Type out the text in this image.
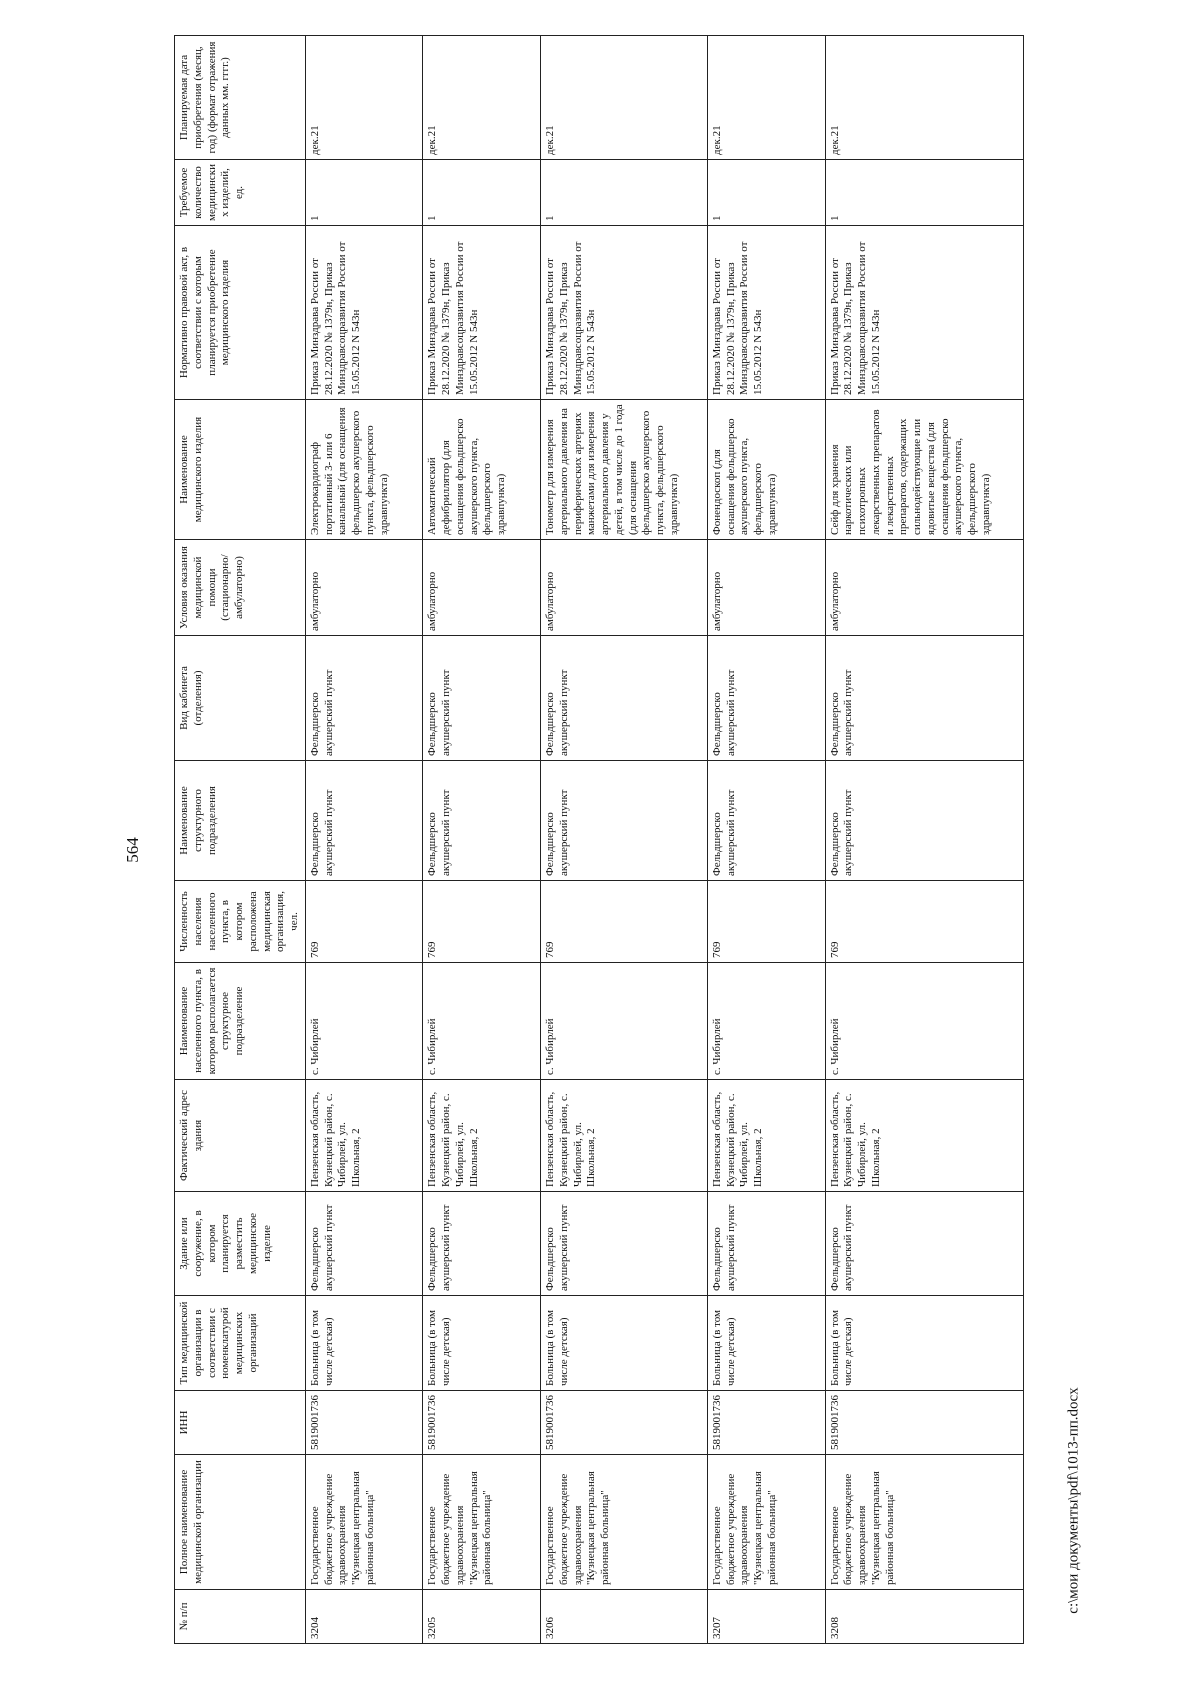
564
№ п/п	Полное наименование медицинской организации	ИНН	Тип медицинской организации в соответствии с номенклатурой медицинских организаций	Здание или сооружение, в котором планируется разместить медицинское изделие	Фактический адрес здания	Наименование населенного пункта, в котором располагается структурное подразделение	Численность населения населенного пункта, в котором расположена медицинская организация, чел.	Наименование структурного подразделения	Вид кабинета (отделения)	Условия оказания медицинской помощи (стационарно/амбулаторно)	Наименование медицинского изделия	Нормативно правовой акт, в соответствии с которым планируется приобретение медицинского изделия	Требуемое количество медицинских изделий, ед.	Планируемая дата приобретения (месяц, год) (формат отражения данных мм. гггг.)
3204	Государственное бюджетное учреждение здравоохранения "Кузнецкая центральная районная больница"	5819001736	Больница (в том числе детская)	Фельдшерско акушерский пункт	Пензенская область, Кузнецкий район, с. Чибирлей, ул. Школьная, 2	с. Чибирлей	769	Фельдшерско акушерский пункт	Фельдшерско акушерский пункт	амбулаторно	Электрокардиограф портативный 3- или 6 канальный (для оснащения фельдшерско акушерского пункта, фельдшерского здравпункта)	Приказ Минздрава России от 28.12.2020 № 1379н, Приказ Минздравсоцразвития России от 15.05.2012 N 543н	1	дек.21
3205	Государственное бюджетное учреждение здравоохранения "Кузнецкая центральная районная больница"	5819001736	Больница (в том числе детская)	Фельдшерско акушерский пункт	Пензенская область, Кузнецкий район, с. Чибирлей, ул. Школьная, 2	с. Чибирлей	769	Фельдшерско акушерский пункт	Фельдшерско акушерский пункт	амбулаторно	Автоматический дефибриллятор (для оснащения фельдшерско акушерского пункта, фельдшерского здравпункта)	Приказ Минздрава России от 28.12.2020 № 1379н, Приказ Минздравсоцразвития России от 15.05.2012 N 543н	1	дек.21
3206	Государственное бюджетное учреждение здравоохранения "Кузнецкая центральная районная больница"	5819001736	Больница (в том числе детская)	Фельдшерско акушерский пункт	Пензенская область, Кузнецкий район, с. Чибирлей, ул. Школьная, 2	с. Чибирлей	769	Фельдшерско акушерский пункт	Фельдшерско акушерский пункт	амбулаторно	Тонометр для измерения артериального давления на периферических артериях манжетами для измерения артериального давления у детей, в том числе до 1 года (для оснащения фельдшерско акушерского пункта, фельдшерского здравпункта)	Приказ Минздрава России от 28.12.2020 № 1379н, Приказ Минздравсоцразвития России от 15.05.2012 N 543н	1	дек.21
3207	Государственное бюджетное учреждение здравоохранения "Кузнецкая центральная районная больница"	5819001736	Больница (в том числе детская)	Фельдшерско акушерский пункт	Пензенская область, Кузнецкий район, с. Чибирлей, ул. Школьная, 2	с. Чибирлей	769	Фельдшерско акушерский пункт	Фельдшерско акушерский пункт	амбулаторно	Фонендоскоп (для оснащения фельдшерско акушерского пункта, фельдшерского здравпункта)	Приказ Минздрава России от 28.12.2020 № 1379н, Приказ Минздравсоцразвития России от 15.05.2012 N 543н	1	дек.21
3208	Государственное бюджетное учреждение здравоохранения "Кузнецкая центральная районная больница"	5819001736	Больница (в том числе детская)	Фельдшерско акушерский пункт	Пензенская область, Кузнецкий район, с. Чибирлей, ул. Школьная, 2	с. Чибирлей	769	Фельдшерско акушерский пункт	Фельдшерско акушерский пункт	амбулаторно	Сейф для хранения наркотических или психотропных лекарственных препаратов и лекарственных препаратов, содержащих сильнодействующие или ядовитые вещества (для оснащения фельдшерско акушерского пункта, фельдшерского здравпункта)	Приказ Минздрава России от 28.12.2020 № 1379н, Приказ Минздравсоцразвития России от 15.05.2012 N 543н	1	дек.21
c:\мои документы\pdf\1013-пп.docx
